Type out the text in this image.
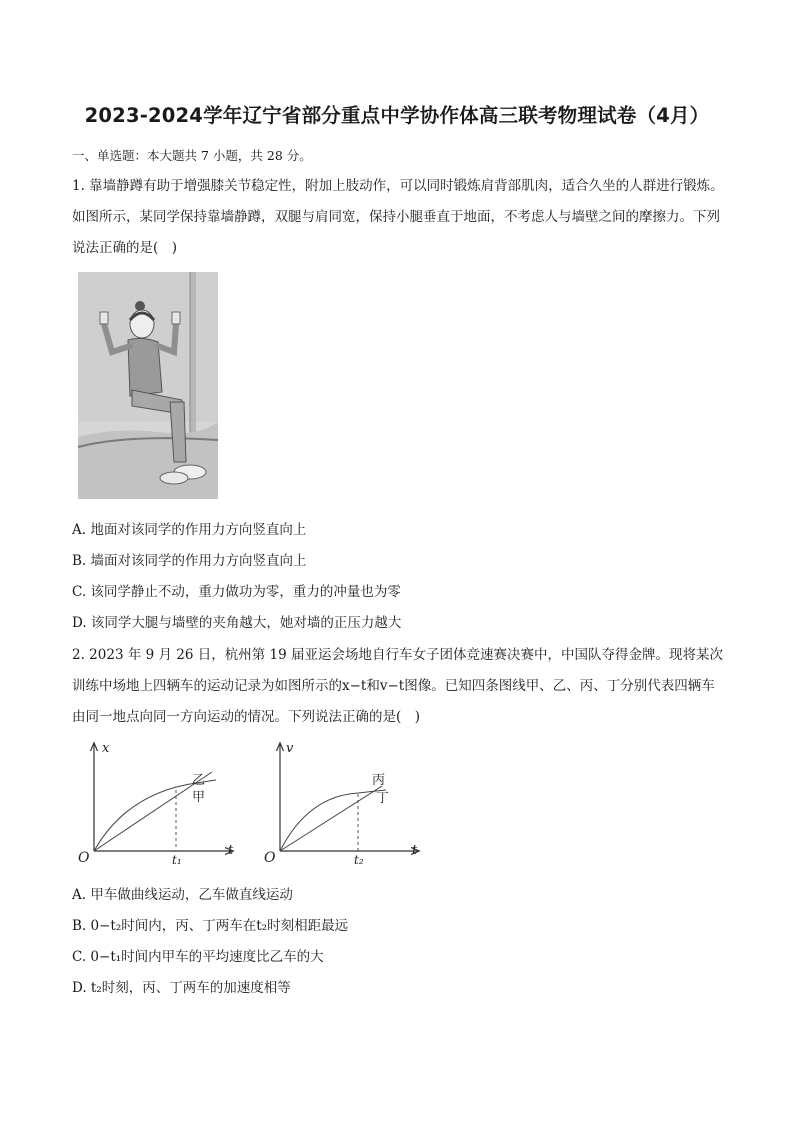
2023-2024学年辽宁省部分重点中学协作体高三联考物理试卷（4月）
一、单选题：本大题共 7 小题，共 28 分。
1. 靠墙静蹲有助于增强膝关节稳定性，附加上肢动作，可以同时锻炼肩背部肌肉，适合久坐的人群进行锻炼。如图所示，某同学保持靠墙静蹲，双腿与肩同宽，保持小腿垂直于地面，不考虑人与墙壁之间的摩擦力。下列说法正确的是(　)
A. 地面对该同学的作用力方向竖直向上
B. 墙面对该同学的作用力方向竖直向上
C. 该同学静止不动，重力做功为零，重力的冲量也为零
D. 该同学大腿与墙壁的夹角越大，她对墙的正压力越大
2. 2023 年 9 月 26 日，杭州第 19 届亚运会场地自行车女子团体竞速赛决赛中，中国队夺得金牌。现将某次训练中场地上四辆车的运动记录为如图所示的x−t和v−t图像。已知四条图线甲、乙、丙、丁分别代表四辆车由同一地点向同一方向运动的情况。下列说法正确的是(　)
x
t
O	t₁
乙
甲
v
t
O	t₂
丙
丁
A. 甲车做曲线运动，乙车做直线运动
B. 0−t₂时间内，丙、丁两车在t₂时刻相距最远
C. 0−t₁时间内甲车的平均速度比乙车的大
D. t₂时刻，丙、丁两车的加速度相等
